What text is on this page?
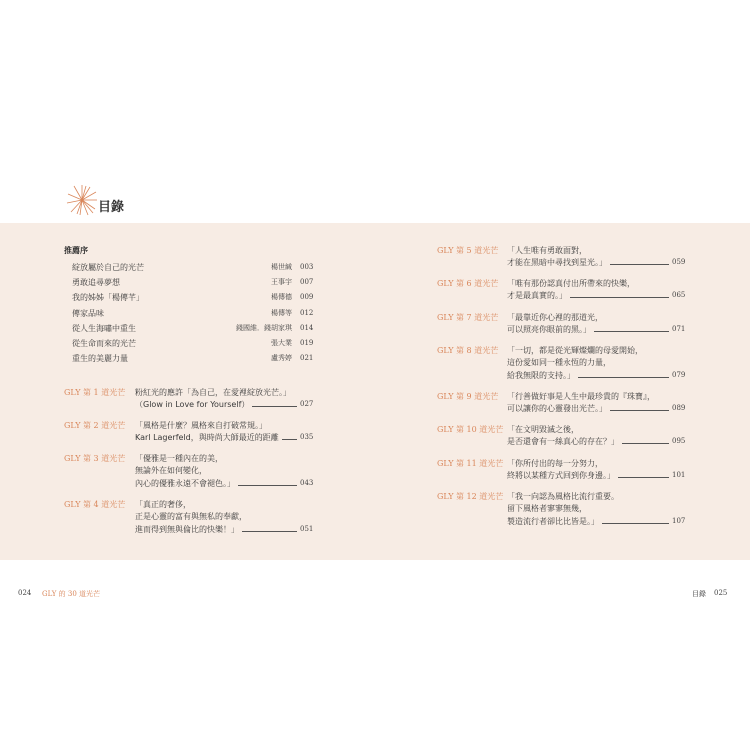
目錄
推薦序
綻放屬於自己的光芒	楊世緘 003
勇敢追尋夢想	王事宇 007
我的姊姊「楊傳芊」	楊傳德 009
傳家品味	楊傳等 012
從人生海嘯中重生	錢國維．錢胡家琪 014
從生命而來的光芒	張大業 019
重生的美麗力量	盧秀婷 021
GLY 第 1 道光芒 粉紅光的應許「為自己，在愛裡綻放光芒。」
（Glow in Love for Yourself）	027
GLY 第 2 道光芒 「風格是什麼？風格來自打破常規。」
Karl Lagerfeld，與時尚大師最近的距離	035
GLY 第 3 道光芒 「優雅是一種內在的美，
無論外在如何變化，
內心的優雅永遠不會褪色。」	043
GLY 第 4 道光芒 「真正的奢侈，
正是心靈的富有與無私的奉獻，
進而得到無與倫比的快樂！」	051
GLY 第 5 道光芒 「人生唯有勇敢面對，
才能在黑暗中尋找到星光。」	059
GLY 第 6 道光芒 「唯有那份認真付出所帶來的快樂，
才是最真實的。」	065
GLY 第 7 道光芒 「最靠近你心裡的那道光，
可以照亮你眼前的黑。」	071
GLY 第 8 道光芒 「一切，都是從光輝燦爛的母愛開始，
這份愛如同一種永恆的力量，
給我無限的支持。」	079
GLY 第 9 道光芒 「行善做好事是人生中最珍貴的『珠寶』，
可以讓你的心靈發出光芒。」	089
GLY 第 10 道光芒 「在文明毀滅之後，
是否還會有一絲真心的存在？」	095
GLY 第 11 道光芒 「你所付出的每一分努力，
終將以某種方式回到你身邊。」	101
GLY 第 12 道光芒 「我一向認為風格比流行重要。
留下風格者寥寥無幾，
製造流行者卻比比皆是。」	107
024 GLY 的 30 道光芒	目錄 025
